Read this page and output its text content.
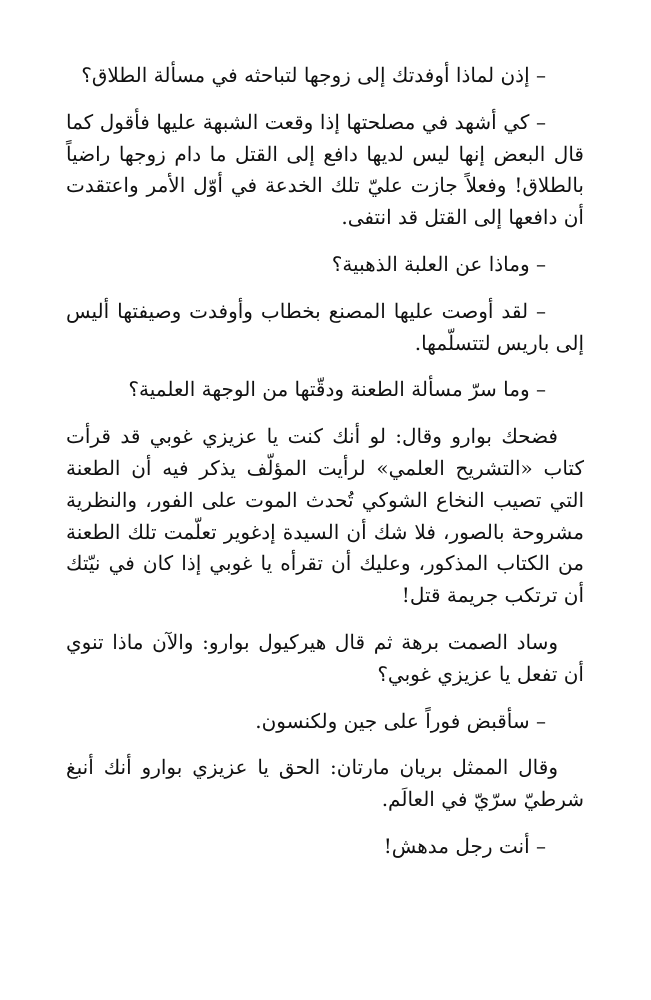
– إذن لماذا أوفدتك إلى زوجها لتباحثه في مسألة الطلاق؟

– كي أشهد في مصلحتها إذا وقعت الشبهة عليها فأقول كما قال البعض إنها ليس لديها دافع إلى القتل ما دام زوجها راضياً بالطلاق! وفعلاً جازت عليّ تلك الخدعة في أوّل الأمر واعتقدت أن دافعها إلى القتل قد انتفى.

– وماذا عن العلبة الذهبية؟

– لقد أوصت عليها المصنع بخطاب وأوفدت وصيفتها أليس إلى باريس لتتسلّمها.

– وما سرّ مسألة الطعنة ودقّتها من الوجهة العلمية؟

فضحك بوارو وقال: لو أنك كنت يا عزيزي غوبي قد قرأت كتاب «التشريح العلمي» لرأيت المؤلّف يذكر فيه أن الطعنة التي تصيب النخاع الشوكي تُحدث الموت على الفور، والنظرية مشروحة بالصور، فلا شك أن السيدة إدغوير تعلّمت تلك الطعنة من الكتاب المذكور، وعليك أن تقرأه يا غوبي إذا كان في نيّتك أن ترتكب جريمة قتل!

وساد الصمت برهة ثم قال هيركيول بوارو: والآن ماذا تنوي أن تفعل يا عزيزي غوبي؟

– سأقبض فوراً على جين ولكنسون.

وقال الممثل بريان مارتان: الحق يا عزيزي بوارو أنك أنبغ شرطيّ سرّيّ في العالَم.

– أنت رجل مدهش!
